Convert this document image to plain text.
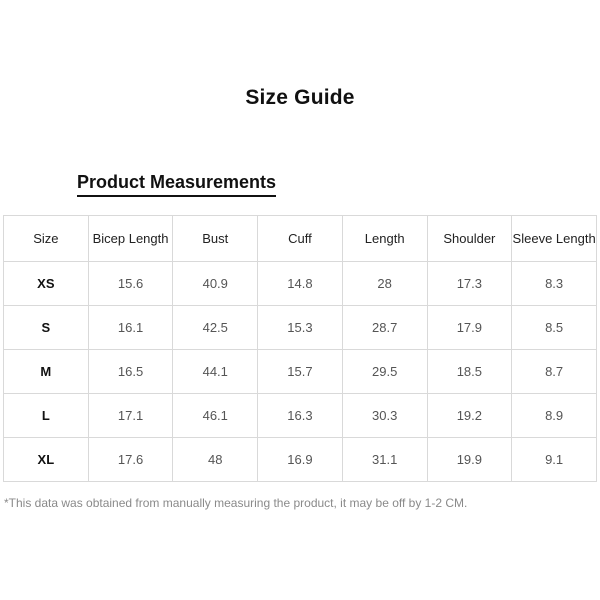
Size Guide
Product Measurements
Size	Bicep Length	Bust	Cuff	Length	Shoulder	Sleeve Length
XS	15.6	40.9	14.8	28	17.3	8.3
S	16.1	42.5	15.3	28.7	17.9	8.5
M	16.5	44.1	15.7	29.5	18.5	8.7
L	17.1	46.1	16.3	30.3	19.2	8.9
XL	17.6	48	16.9	31.1	19.9	9.1
*This data was obtained from manually measuring the product, it may be off by 1-2 CM.
